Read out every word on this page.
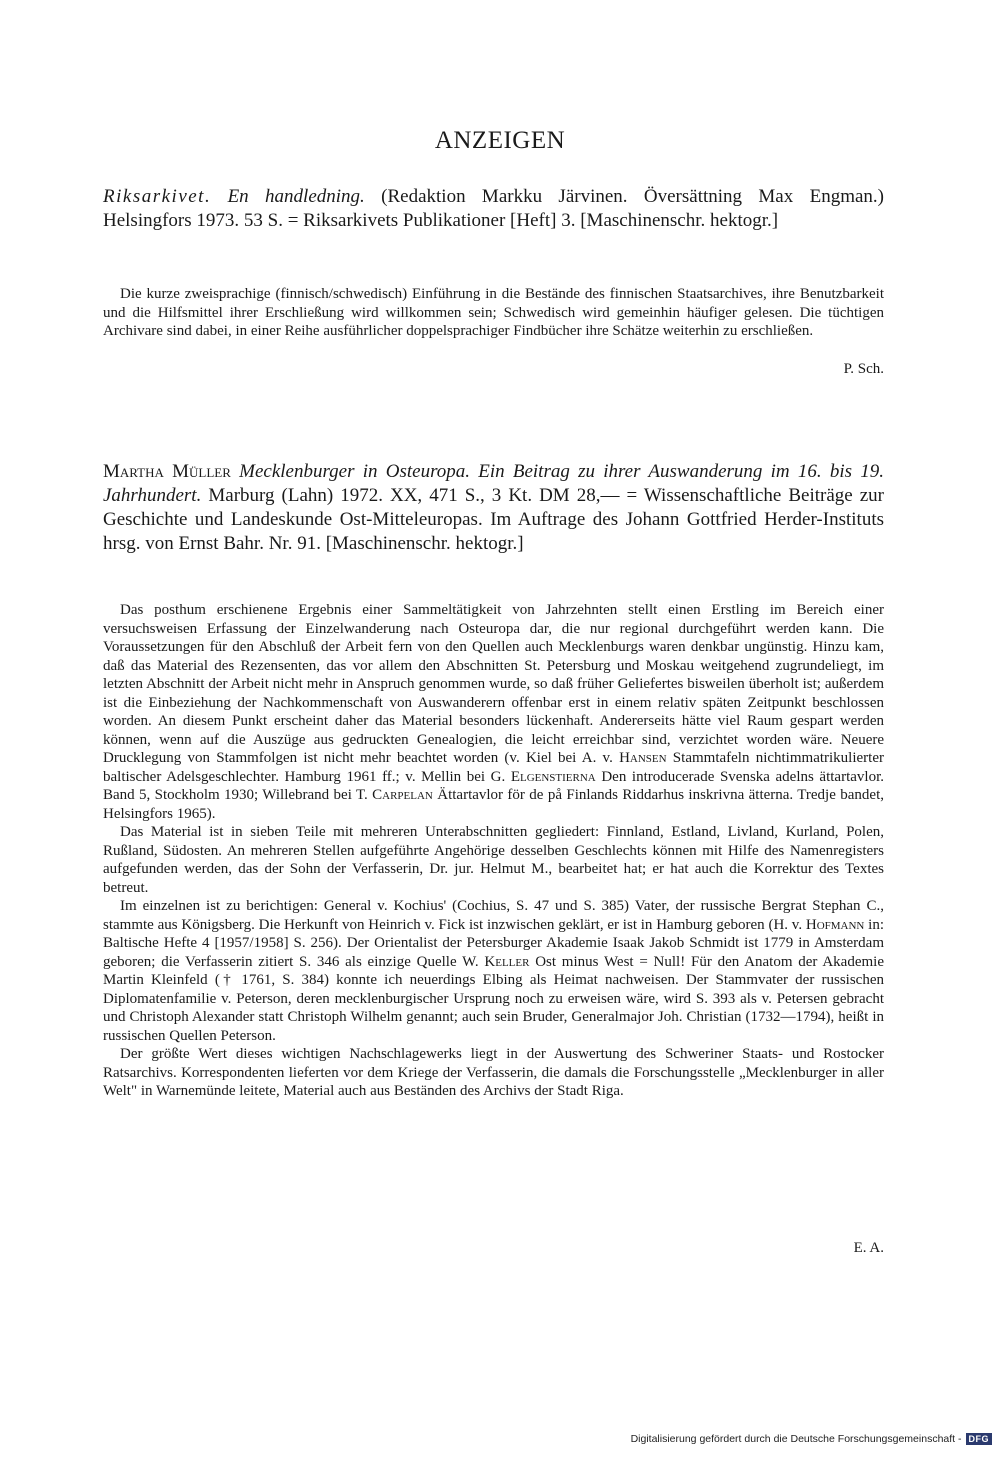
ANZEIGEN
Riksarkivet. En handledning. (Redaktion Markku Järvinen. Översättning Max Engman.) Helsingfors 1973. 53 S. = Riksarkivets Publikationer [Heft] 3. [Maschinenschr. hektogr.]

Die kurze zweisprachige (finnisch/schwedisch) Einführung in die Bestände des finnischen Staatsarchives, ihre Benutzbarkeit und die Hilfsmittel ihrer Erschließung wird willkommen sein; Schwedisch wird gemeinhin häufiger gelesen. Die tüchtigen Archivare sind dabei, in einer Reihe ausführlicher doppelsprachiger Findbücher ihre Schätze weiterhin zu erschließen.

P. Sch.
Martha Müller Mecklenburger in Osteuropa. Ein Beitrag zu ihrer Auswanderung im 16. bis 19. Jahrhundert. Marburg (Lahn) 1972. XX, 471 S., 3 Kt. DM 28,— = Wissenschaftliche Beiträge zur Geschichte und Landeskunde Ost-Mitteleuropas. Im Auftrage des Johann Gottfried Herder-Instituts hrsg. von Ernst Bahr. Nr. 91. [Maschinenschr. hektogr.]

Das posthum erschienene Ergebnis einer Sammeltätigkeit von Jahrzehnten stellt einen Erstling im Bereich einer versuchsweisen Erfassung der Einzelwanderung nach Osteuropa dar, die nur regional durchgeführt werden kann. Die Voraussetzungen für den Abschluß der Arbeit fern von den Quellen auch Mecklenburgs waren denkbar ungünstig. Hinzu kam, daß das Material des Rezensenten, das vor allem den Abschnitten St. Petersburg und Moskau weitgehend zugrundeliegt, im letzten Abschnitt der Arbeit nicht mehr in Anspruch genommen wurde, so daß früher Geliefertes bisweilen überholt ist; außerdem ist die Einbeziehung der Nachkommenschaft von Auswanderern offenbar erst in einem relativ späten Zeitpunkt beschlossen worden. An diesem Punkt erscheint daher das Material besonders lückenhaft. Andererseits hätte viel Raum gespart werden können, wenn auf die Auszüge aus gedruckten Genealogien, die leicht erreichbar sind, verzichtet worden wäre. Neuere Drucklegung von Stammfolgen ist nicht mehr beachtet worden (v. Kiel bei A. v. Hansen Stammtafeln nichtimmatrikulierter baltischer Adelsgeschlechter. Hamburg 1961 ff.; v. Mellin bei G. Elgenstierna Den introducerade Svenska adelns ättartavlor. Band 5, Stockholm 1930; Willebrand bei T. Carpelan Ättartavlor för de på Finlands Riddarhus inskrivna ätterna. Tredje bandet, Helsingfors 1965).

Das Material ist in sieben Teile mit mehreren Unterabschnitten gegliedert: Finnland, Estland, Livland, Kurland, Polen, Rußland, Südosten. An mehreren Stellen aufgeführte Angehörige desselben Geschlechts können mit Hilfe des Namenregisters aufgefunden werden, das der Sohn der Verfasserin, Dr. jur. Helmut M., bearbeitet hat; er hat auch die Korrektur des Textes betreut.

Im einzelnen ist zu berichtigen: General v. Kochius' (Cochius, S. 47 und S. 385) Vater, der russische Bergrat Stephan C., stammte aus Königsberg. Die Herkunft von Heinrich v. Fick ist inzwischen geklärt, er ist in Hamburg geboren (H. v. Hofmann in: Baltische Hefte 4 [1957/1958] S. 256). Der Orientalist der Petersburger Akademie Isaak Jakob Schmidt ist 1779 in Amsterdam geboren; die Verfasserin zitiert S. 346 als einzige Quelle W. Keller Ost minus West = Null! Für den Anatom der Akademie Martin Kleinfeld († 1761, S. 384) konnte ich neuerdings Elbing als Heimat nachweisen. Der Stammvater der russischen Diplomatenfamilie v. Peterson, deren mecklenburgischer Ursprung noch zu erweisen wäre, wird S. 393 als v. Petersen gebracht und Christoph Alexander statt Christoph Wilhelm genannt; auch sein Bruder, Generalmajor Joh. Christian (1732—1794), heißt in russischen Quellen Peterson.

Der größte Wert dieses wichtigen Nachschlagewerks liegt in der Auswertung des Schweriner Staats- und Rostocker Ratsarchivs. Korrespondenten lieferten vor dem Kriege der Verfasserin, die damals die Forschungsstelle „Mecklenburger in aller Welt" in Warnemünde leitete, Material auch aus Beständen des Archivs der Stadt Riga.

E. A.
Digitalisierung gefördert durch die Deutsche Forschungsgemeinschaft - DFG
